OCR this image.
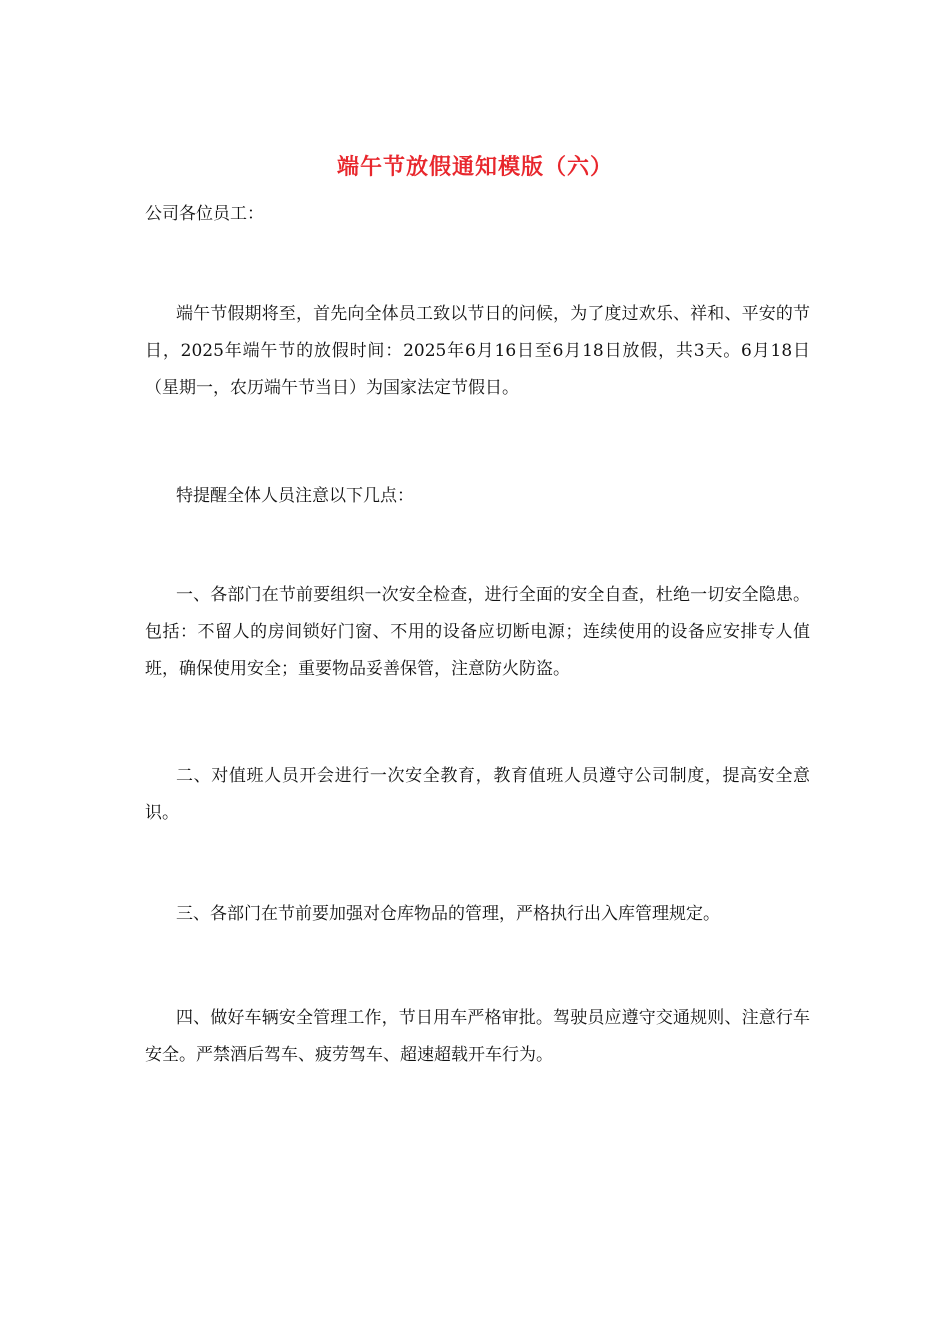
端午节放假通知模版（六）

公司各位员工：

端午节假期将至，首先向全体员工致以节日的问候，为了度过欢乐、祥和、平安的节日，2025年端午节的放假时间：2025年6月16日至6月18日放假，共3天。6月18日（星期一，农历端午节当日）为国家法定节假日。

特提醒全体人员注意以下几点：

一、各部门在节前要组织一次安全检查，进行全面的安全自查，杜绝一切安全隐患。包括：不留人的房间锁好门窗、不用的设备应切断电源；连续使用的设备应安排专人值班，确保使用安全；重要物品妥善保管，注意防火防盗。

二、对值班人员开会进行一次安全教育，教育值班人员遵守公司制度，提高安全意识。

三、各部门在节前要加强对仓库物品的管理，严格执行出入库管理规定。

四、做好车辆安全管理工作，节日用车严格审批。驾驶员应遵守交通规则、注意行车安全。严禁酒后驾车、疲劳驾车、超速超载开车行为。
